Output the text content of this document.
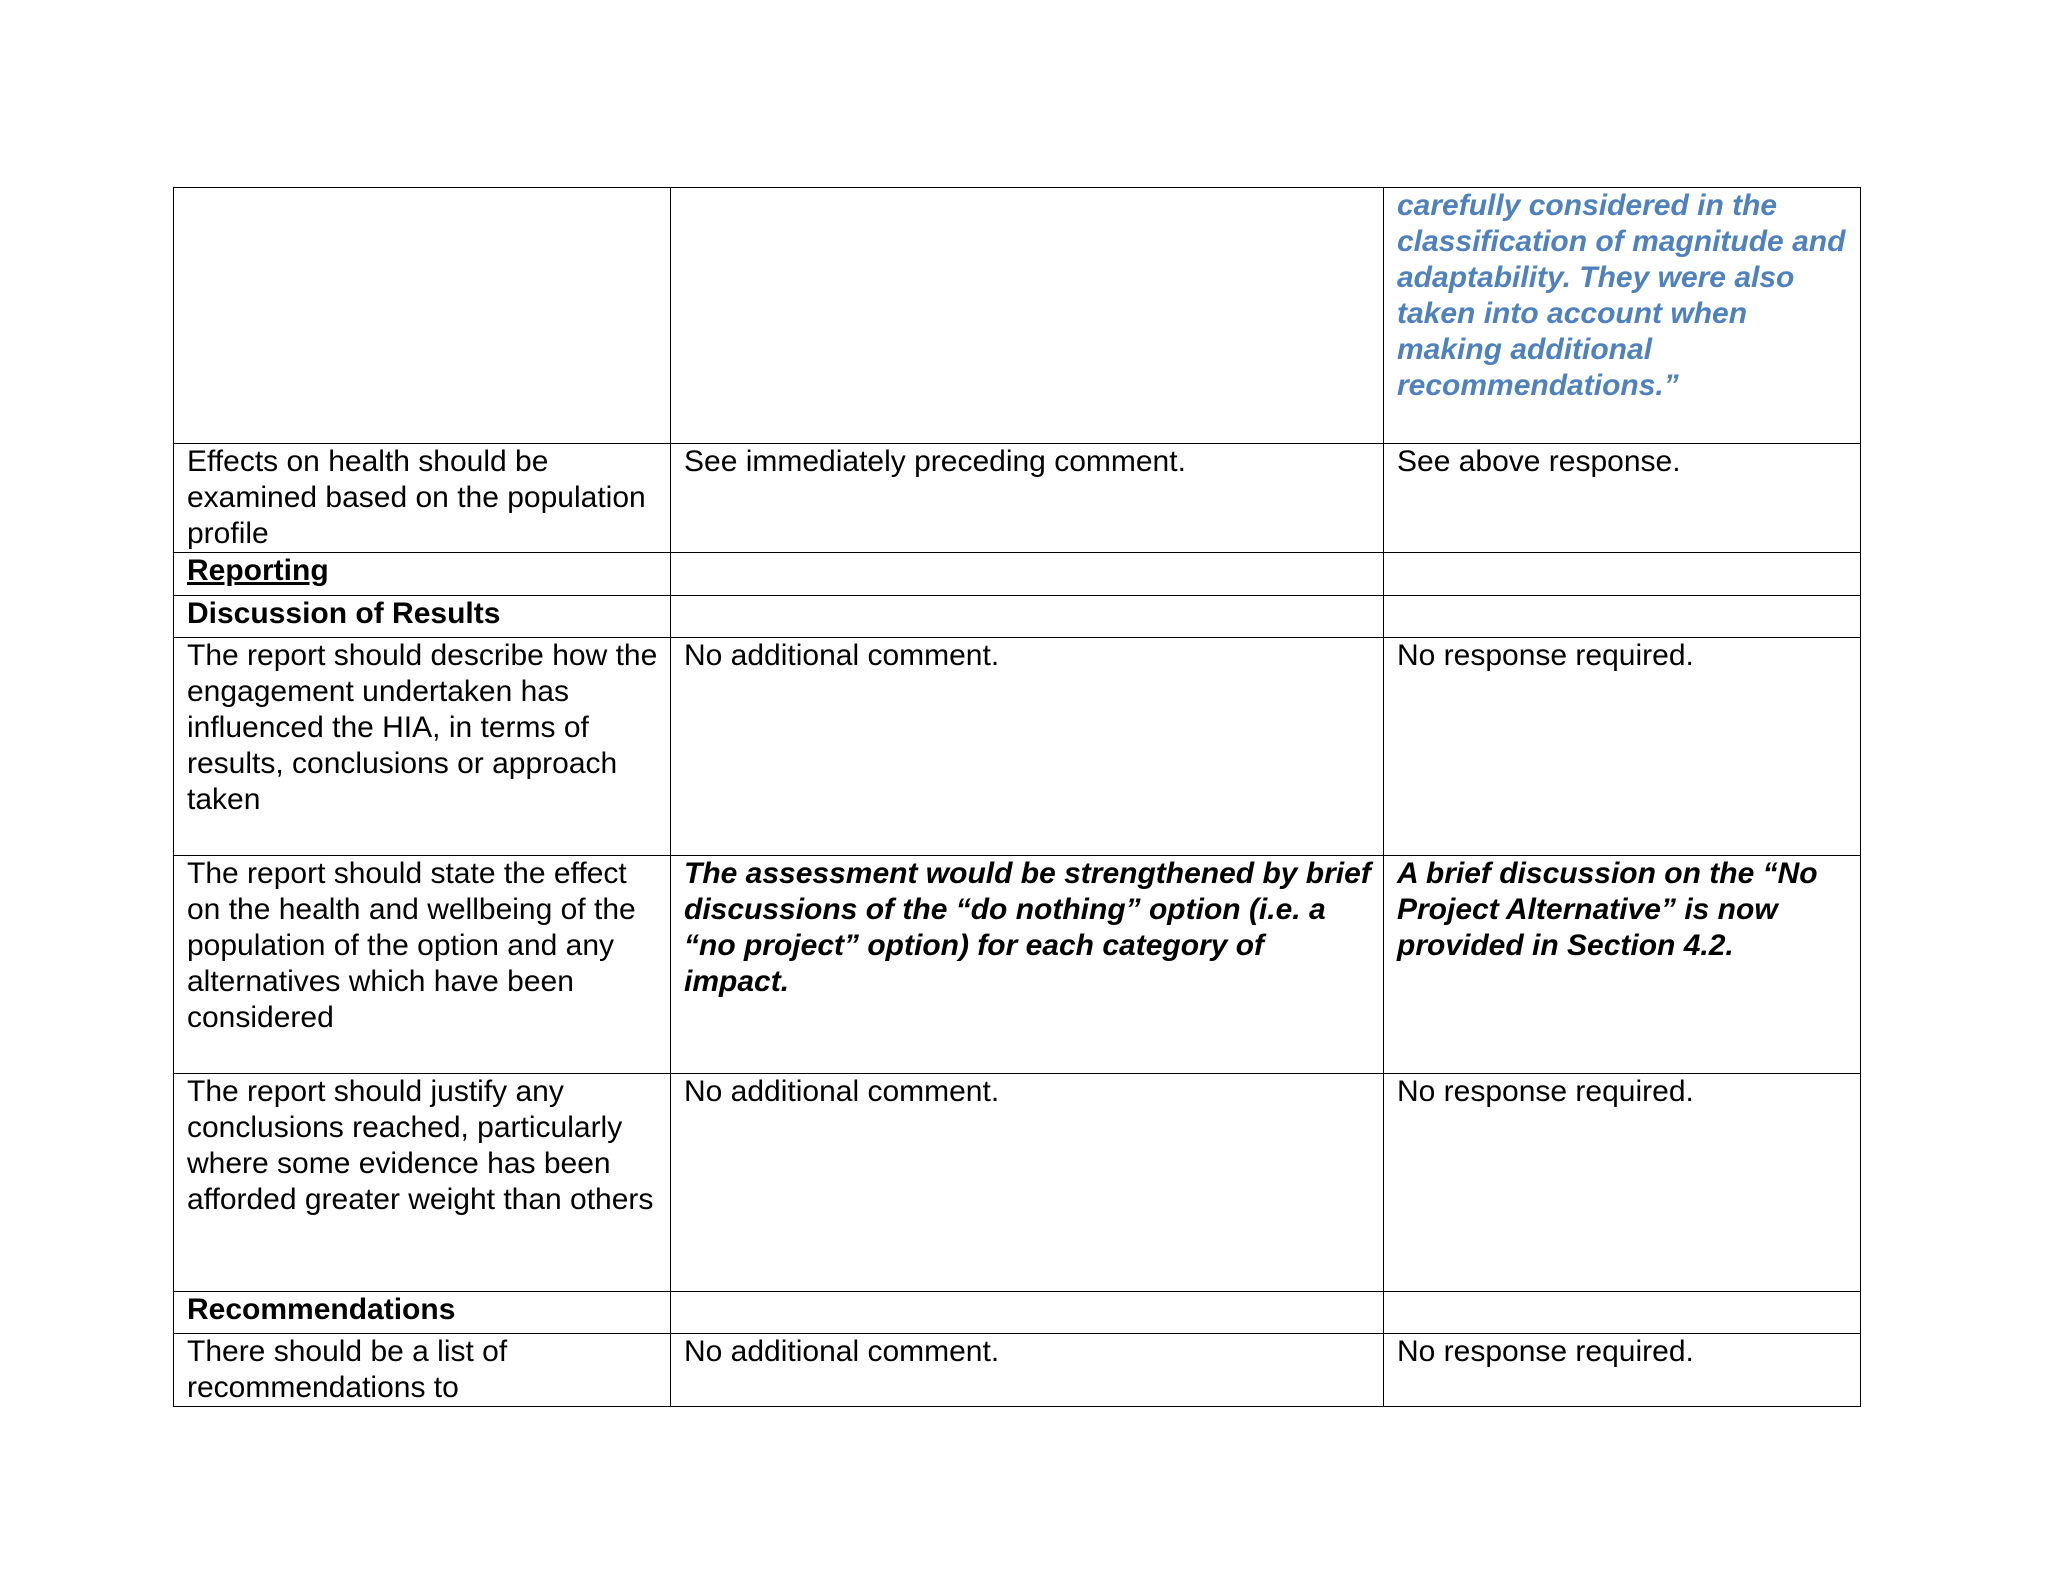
		carefully considered in the classification of magnitude and adaptability. They were also taken into account when making additional recommendations.”

Effects on health should be examined based on the population profile	See immediately preceding comment.	See above response.

Reporting		

Discussion of Results		

The report should describe how the engagement undertaken has influenced the HIA, in terms of results, conclusions or approach taken	No additional comment.	No response required.

The report should state the effect on the health and wellbeing of the population of the option and any alternatives which have been considered	The assessment would be strengthened by brief discussions of the “do nothing” option (i.e. a “no project” option) for each category of impact.	A brief discussion on the “No Project Alternative” is now provided in Section 4.2.

The report should justify any conclusions reached, particularly where some evidence has been afforded greater weight than others	No additional comment.	No response required.

Recommendations		

There should be a list of recommendations to	No additional comment.	No response required.
